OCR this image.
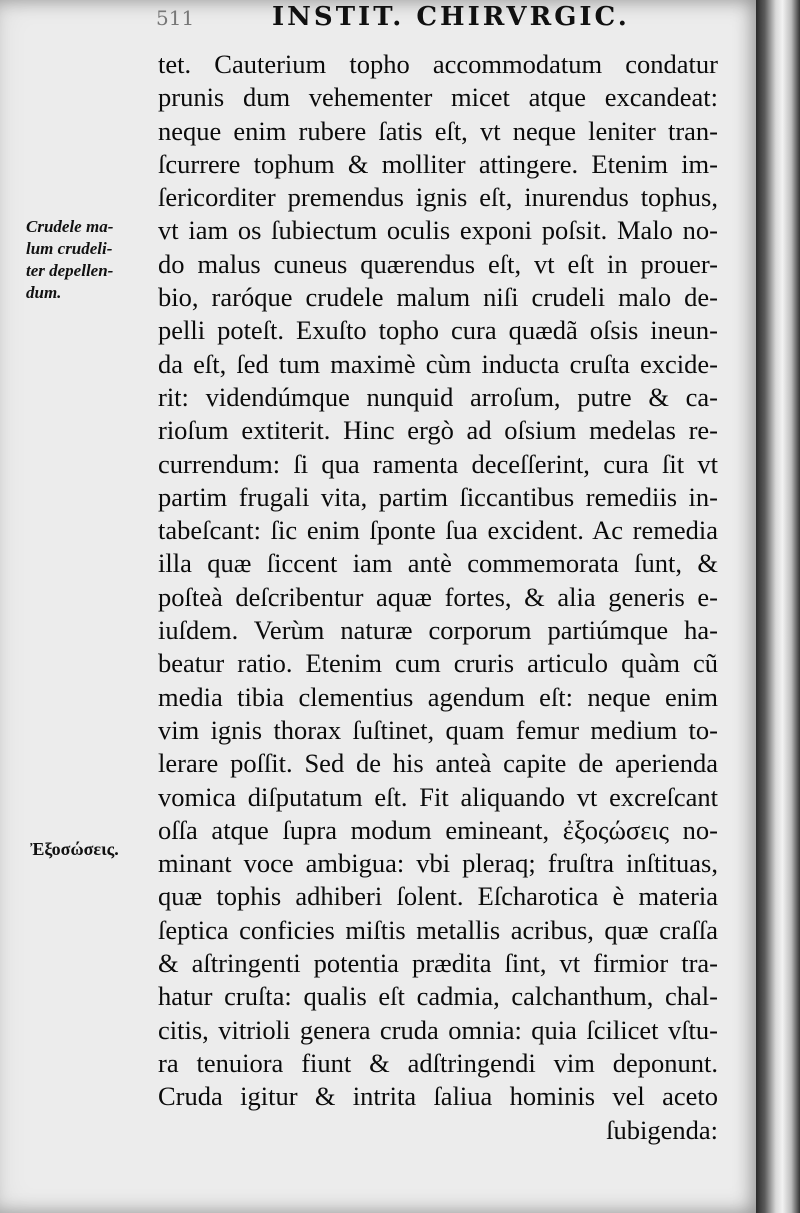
511	INSTIT. CHIRVRGIC.
Crudele ma-
lum crudeli-
ter depellen-
dum.
Ἐξοσώσεις.
tet. Cauterium topho accommodatum condatur
prunis dum vehementer micet atque excandeat:
neque enim rubere ſatis eſt, vt neque leniter tran-
ſcurrere tophum & molliter attingere. Etenim im-
ſericorditer premendus ignis eſt, inurendus tophus,
vt iam os ſubiectum oculis exponi poſsit. Malo no-
do malus cuneus quærendus eſt, vt eſt in prouer-
bio, raróque crudele malum niſi crudeli malo de-
pelli poteſt. Exuſto topho cura quædã oſsis ineun-
da eſt, ſed tum maximè cùm inducta cruſta excide-
rit: videndúmque nunquid arroſum, putre & ca-
rioſum extiterit. Hinc ergò ad oſsium medelas re-
currendum: ſi qua ramenta deceſſerint, cura ſit vt
partim frugali vita, partim ſiccantibus remediis in-
tabeſcant: ſic enim ſponte ſua excident. Ac remedia
illa quæ ſiccent iam antè commemorata ſunt, &
poſteà deſcribentur aquæ fortes, & alia generis e-
iuſdem. Verùm naturæ corporum partiúmque ha-
beatur ratio. Etenim cum cruris articulo quàm cũ
media tibia clementius agendum eſt: neque enim
vim ignis thorax ſuſtinet, quam femur medium to-
lerare poſſit. Sed de his anteà capite de aperienda
vomica diſputatum eſt. Fit aliquando vt excreſcant
oſſa atque ſupra modum emineant, ἐξοςώσεις no-
minant voce ambigua: vbi pleraq; fruſtra inſtituas,
quæ tophis adhiberi ſolent. Eſcharotica è materia
ſeptica conficies miſtis metallis acribus, quæ craſſa
& aſtringenti potentia prædita ſint, vt firmior tra-
hatur cruſta: qualis eſt cadmia, calchanthum, chal-
citis, vitrioli genera cruda omnia: quia ſcilicet vſtu-
ra tenuiora fiunt & adſtringendi vim deponunt.
Cruda igitur & intrita ſaliua hominis vel aceto
ſubigenda:
